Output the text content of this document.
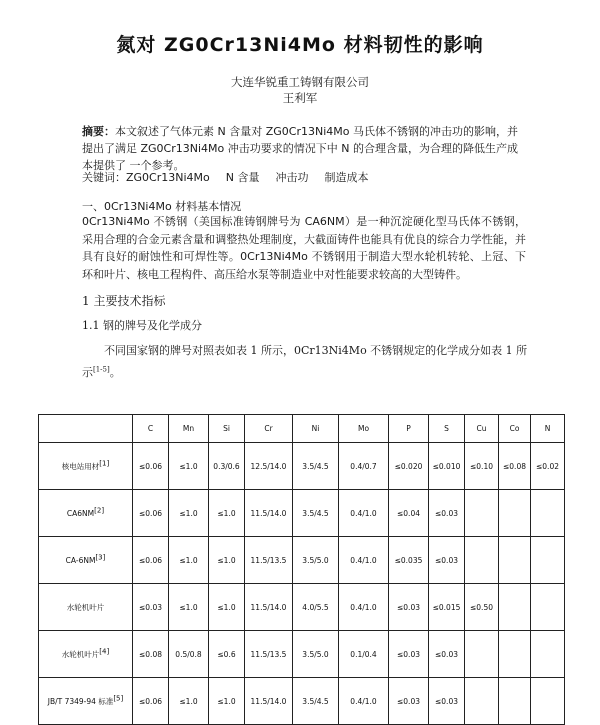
氮对 ZG0Cr13Ni4Mo 材料韧性的影响
大连华锐重工铸钢有限公司
王利军
摘要：本文叙述了气体元素 N 含量对 ZG0Cr13Ni4Mo 马氏体不锈钢的冲击功的影响，并提出了满足 ZG0Cr13Ni4Mo 冲击功要求的情况下中 N 的合理含量，为合理的降低生产成本提供了 一个参考。
关键词：ZG0Cr13Ni4Mo N 含量 冲击功 制造成本
一、0Cr13Ni4Mo 材料基本情况
0Cr13Ni4Mo 不锈钢（美国标准铸钢牌号为 CA6NM）是一种沉淀硬化型马氏体不锈钢，采用合理的合金元素含量和调整热处理制度，大截面铸件也能具有优良的综合力学性能，并具有良好的耐蚀性和可焊性等。0Cr13Ni4Mo 不锈钢用于制造大型水轮机转轮、上冠、下环和叶片、核电工程构件、高压给水泵等制造业中对性能要求较高的大型铸件。
1 主要技术指标
1.1 钢的牌号及化学成分
不同国家钢的牌号对照表如表 1 所示，0Cr13Ni4Mo 不锈钢规定的化学成分如表 1 所示[1-5]。
	C	Mn	Si	Cr	Ni	Mo	P	S	Cu	Co	N
核电站用材[1]	≤0.06	≤1.0	0.3/0.6	12.5/14.0	3.5/4.5	0.4/0.7	≤0.020	≤0.010	≤0.10	≤0.08	≤0.02
CA6NM[2]	≤0.06	≤1.0	≤1.0	11.5/14.0	3.5/4.5	0.4/1.0	≤0.04	≤0.03			
CA-6NM[3]	≤0.06	≤1.0	≤1.0	11.5/13.5	3.5/5.0	0.4/1.0	≤0.035	≤0.03			
水轮机叶片	≤0.03	≤1.0	≤1.0	11.5/14.0	4.0/5.5	0.4/1.0	≤0.03	≤0.015	≤0.50		
水轮机叶片[4]	≤0.08	0.5/0.8	≤0.6	11.5/13.5	3.5/5.0	0.1/0.4	≤0.03	≤0.03			
JB/T 7349-94 标准[5]	≤0.06	≤1.0	≤1.0	11.5/14.0	3.5/4.5	0.4/1.0	≤0.03	≤0.03			
